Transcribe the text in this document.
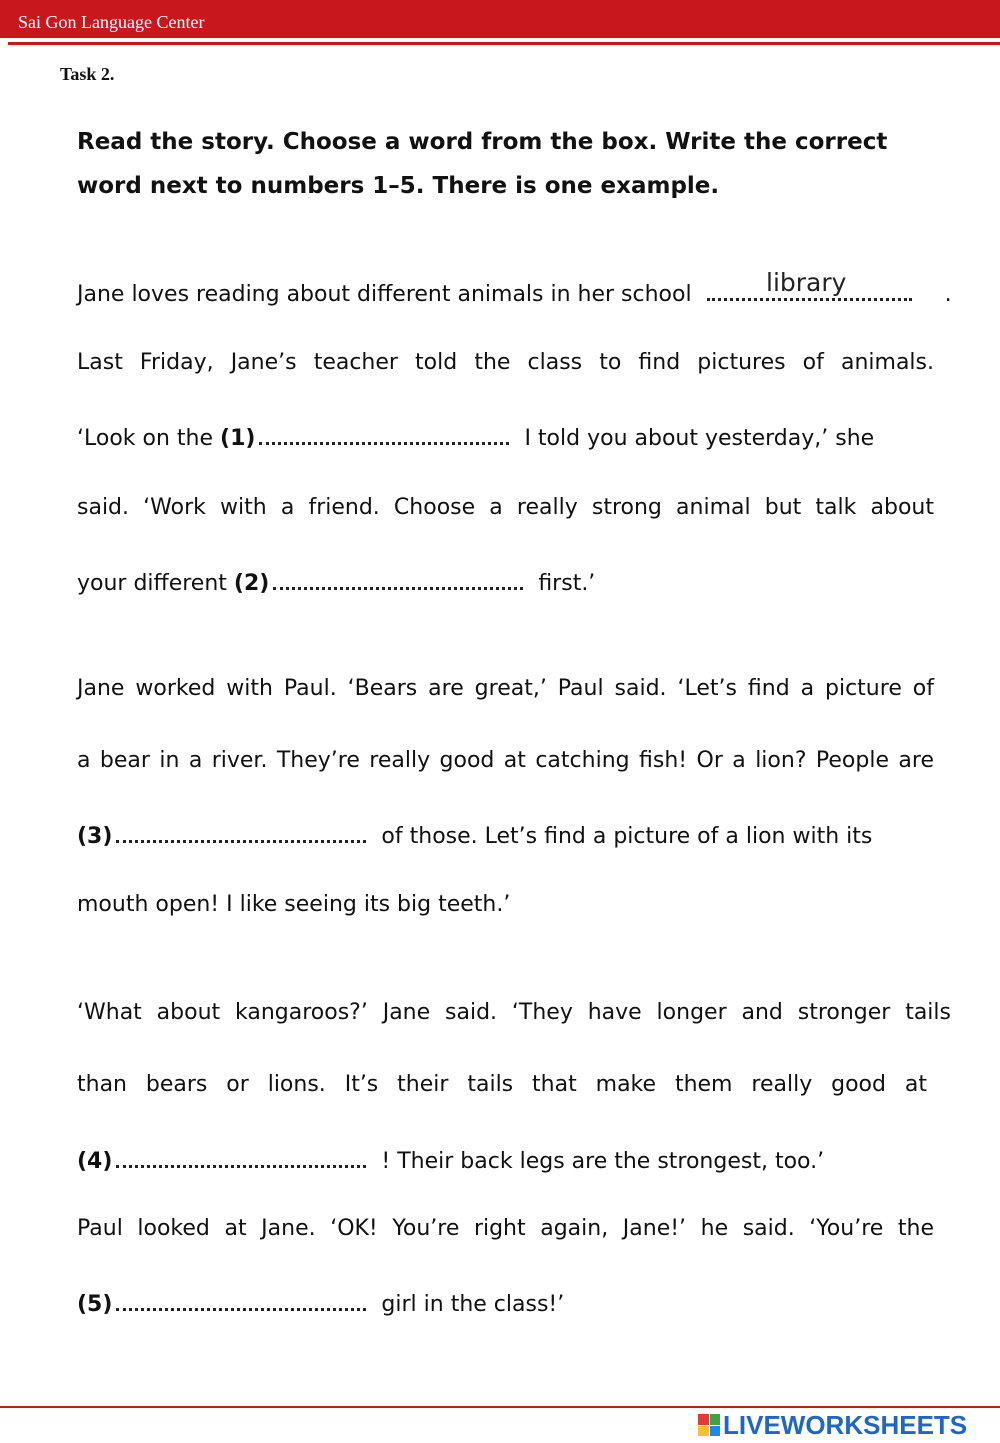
Sai Gon Language Center
Task 2.
Read the story. Choose a word from the box. Write the correct
word next to numbers 1–5. There is one example.
Jane loves reading about different animals in her school	.
library
Last Friday, Jane’s teacher told the class to find pictures of animals.
‘Look on the (1)	I told you about yesterday,’ she
said. ‘Work with a friend. Choose a really strong animal but talk about
your different (2)	first.’
Jane worked with Paul. ‘Bears are great,’ Paul said. ‘Let’s find a picture of
a bear in a river. They’re really good at catching fish! Or a lion? People are
(3)	of those. Let’s find a picture of a lion with its
mouth open! I like seeing its big teeth.’
‘What about kangaroos?’ Jane said. ‘They have longer and stronger tails
than bears or lions. It’s their tails that make them really good at
(4)	! Their back legs are the strongest, too.’
Paul looked at Jane. ‘OK! You’re right again, Jane!’ he said. ‘You’re the
(5)	girl in the class!’
LIVEWORKSHEETS
